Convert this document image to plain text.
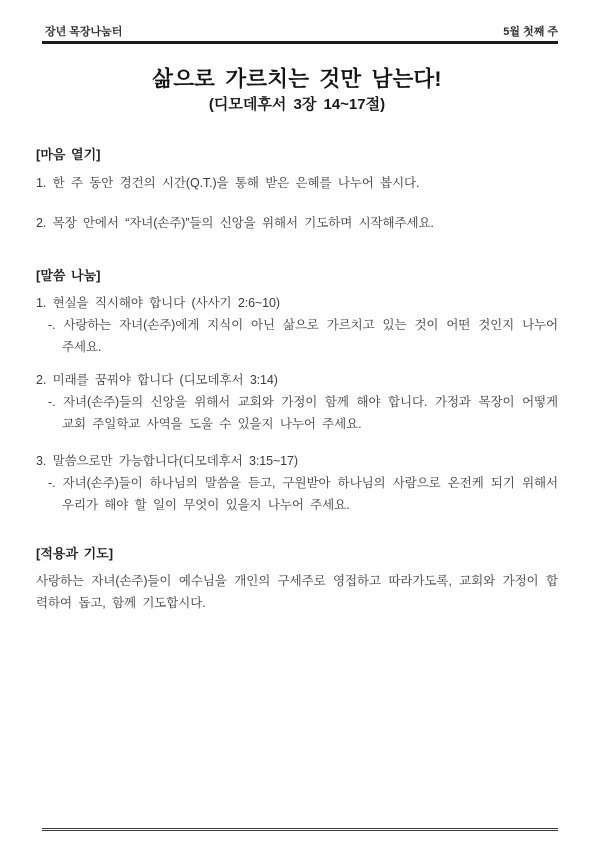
장년 목장나눔터	5월 첫째 주
삶으로 가르치는 것만 남는다!
(디모데후서 3장 14~17절)
[마음 열기]

1. 한 주 동안 경건의 시간(Q.T.)을 통해 받은 은혜를 나누어 봅시다.

2. 목장 안에서 “자녀(손주)”들의 신앙을 위해서 기도하며 시작해주세요.

[말씀 나눔]

1. 현실을 직시해야 합니다 (사사기 2:6~10)

-. 사랑하는 자녀(손주)에게 지식이 아닌 삶으로 가르치고 있는 것이 어떤 것인지 나누어 주세요.

2. 미래를 꿈꿔야 합니다 (디모데후서 3:14)

-. 자녀(손주)들의 신앙을 위해서 교회와 가정이 함께 해야 합니다. 가정과 목장이 어떻게 교회 주일학교 사역을 도울 수 있을지 나누어 주세요.

3. 말씀으로만 가능합니다(디모데후서 3:15~17)

-. 자녀(손주)들이 하나님의 말씀을 듣고, 구원받아 하나님의 사람으로 온전케 되기 위해서 우리가 해야 할 일이 무엇이 있을지 나누어 주세요.

[적용과 기도]

사랑하는 자녀(손주)들이 예수님을 개인의 구세주로 영접하고 따라가도록, 교회와 가정이 합력하여 돕고, 함께 기도합시다.
